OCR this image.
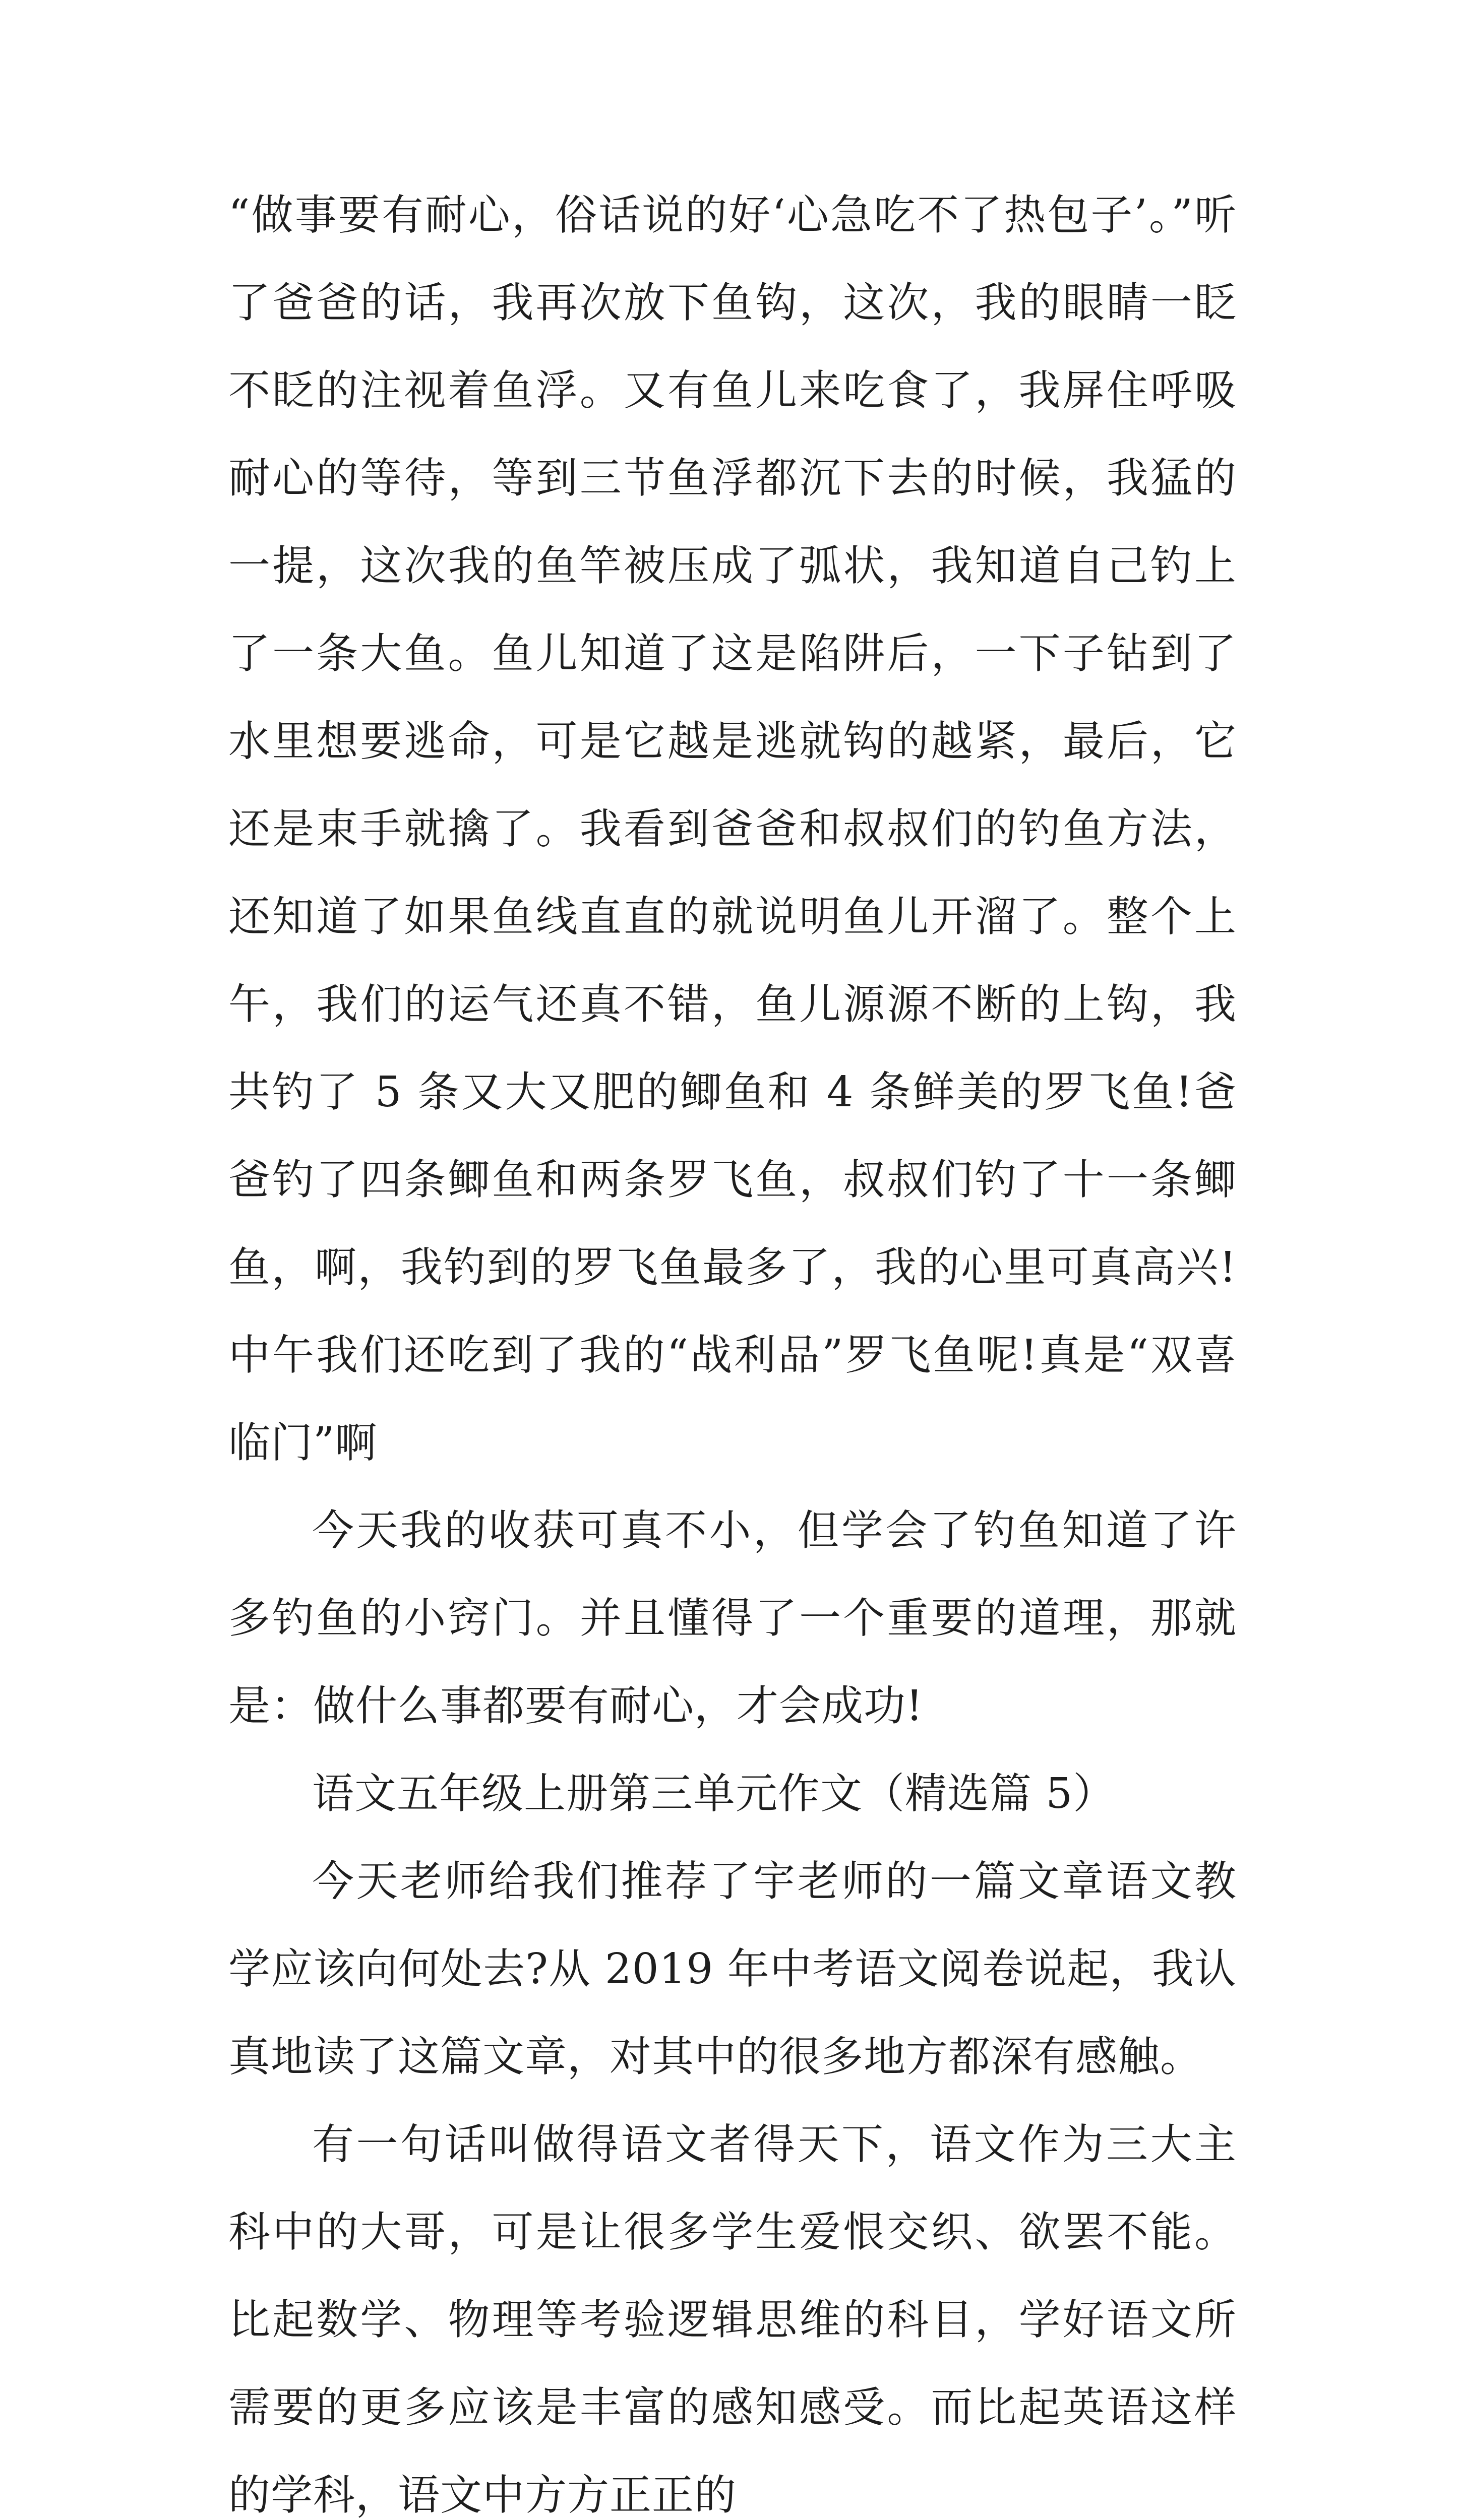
“做事要有耐心，俗话说的好‘心急吃不了热包子’。”听了爸爸的话，我再次放下鱼钩，这次，我的眼睛一眨不眨的注视着鱼浮。又有鱼儿来吃食了，我屏住呼吸耐心的等待，等到三节鱼浮都沉下去的时候，我猛的一提，这次我的鱼竿被压成了弧状，我知道自己钓上了一条大鱼。鱼儿知道了这是陷阱后，一下子钻到了水里想要逃命，可是它越是逃就钩的越紧，最后，它还是束手就擒了。我看到爸爸和叔叔们的钓鱼方法，还知道了如果鱼线直直的就说明鱼儿开溜了。整个上午，我们的运气还真不错，鱼儿源源不断的上钩，我共钓了 5 条又大又肥的鲫鱼和 4 条鲜美的罗飞鱼!爸爸钓了四条鲫鱼和两条罗飞鱼，叔叔们钓了十一条鲫鱼，啊，我钓到的罗飞鱼最多了，我的心里可真高兴!中午我们还吃到了我的“战利品”罗飞鱼呢!真是“双喜临门”啊

今天我的收获可真不小，但学会了钓鱼知道了许多钓鱼的小窍门。并且懂得了一个重要的道理，那就是：做什么事都要有耐心，才会成功!

语文五年级上册第三单元作文（精选篇 5）

今天老师给我们推荐了宇老师的一篇文章语文教学应该向何处去?从 2019 年中考语文阅卷说起，我认真地读了这篇文章，对其中的很多地方都深有感触。

有一句话叫做得语文者得天下，语文作为三大主科中的大哥，可是让很多学生爱恨交织、欲罢不能。比起数学、物理等考验逻辑思维的科目，学好语文所需要的更多应该是丰富的感知感受。而比起英语这样的学科，语文中方方正正的
